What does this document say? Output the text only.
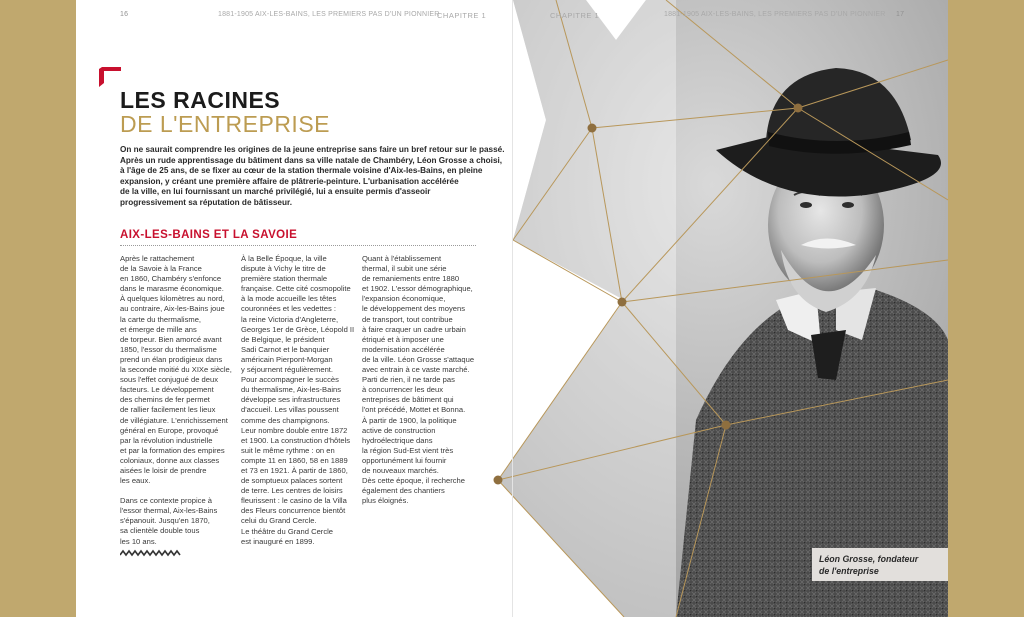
16	1881-1905 AIX-LES-BAINS, LES PREMIERS PAS D'UN PIONNIER
CHAPITRE 1	CHAPITRE 1	1881-1905 AIX-LES-BAINS, LES PREMIERS PAS D'UN PIONNIER 17
LES RACINES
DE L'ENTREPRISE
On ne saurait comprendre les origines de la jeune entreprise sans faire un bref retour sur le passé.
Après un rude apprentissage du bâtiment dans sa ville natale de Chambéry, Léon Grosse a choisi,
à l'âge de 25 ans, de se fixer au cœur de la station thermale voisine d'Aix-les-Bains, en pleine
expansion, y créant une première affaire de plâtrerie-peinture. L'urbanisation accélérée
de la ville, en lui fournissant un marché privilégié, lui a ensuite permis d'asseoir
progressivement sa réputation de bâtisseur.
AIX-LES-BAINS ET LA SAVOIE
Après le rattachement
de la Savoie à la France
en 1860, Chambéry s'enfonce
dans le marasme économique.
À quelques kilomètres au nord,
au contraire, Aix-les-Bains joue
la carte du thermalisme,
et émerge de mille ans
de torpeur. Bien amorcé avant
1850, l'essor du thermalisme
prend un élan prodigieux dans
la seconde moitié du XIXe siècle,
sous l'effet conjugué de deux
facteurs. Le développement
des chemins de fer permet
de rallier facilement les lieux
de villégiature. L'enrichissement
général en Europe, provoqué
par la révolution industrielle
et par la formation des empires
coloniaux, donne aux classes
aisées le loisir de prendre
les eaux.
Dans ce contexte propice à
l'essor thermal, Aix-les-Bains
s'épanouit. Jusqu'en 1870,
sa clientèle double tous
les 10 ans.
À la Belle Époque, la ville
dispute à Vichy le titre de
première station thermale
française. Cette cité cosmopolite
à la mode accueille les têtes
couronnées et les vedettes :
la reine Victoria d'Angleterre,
Georges 1er de Grèce, Léopold II
de Belgique, le président
Sadi Carnot et le banquier
américain Pierpont-Morgan
y séjournent régulièrement.
Pour accompagner le succès
du thermalisme, Aix-les-Bains
développe ses infrastructures
d'accueil. Les villas poussent
comme des champignons.
Leur nombre double entre 1872
et 1900. La construction d'hôtels
suit le même rythme : on en
compte 11 en 1860, 58 en 1889
et 73 en 1921. À partir de 1860,
de somptueux palaces sortent
de terre. Les centres de loisirs
fleurissent : le casino de la Villa
des Fleurs concurrence bientôt
celui du Grand Cercle.
Le théâtre du Grand Cercle
est inauguré en 1899.
Quant à l'établissement
thermal, il subit une série
de remaniements entre 1880
et 1902. L'essor démographique,
l'expansion économique,
le développement des moyens
de transport, tout contribue
à faire craquer un cadre urbain
étriqué et à imposer une
modernisation accélérée
de la ville. Léon Grosse s'attaque
avec entrain à ce vaste marché.
Parti de rien, il ne tarde pas
à concurrencer les deux
entreprises de bâtiment qui
l'ont précédé, Mottet et Bonna.
À partir de 1900, la politique
active de construction
hydroélectrique dans
la région Sud-Est vient très
opportunément lui fournir
de nouveaux marchés.
Dès cette époque, il recherche
également des chantiers
plus éloignés.
Léon Grosse, fondateur
de l'entreprise
